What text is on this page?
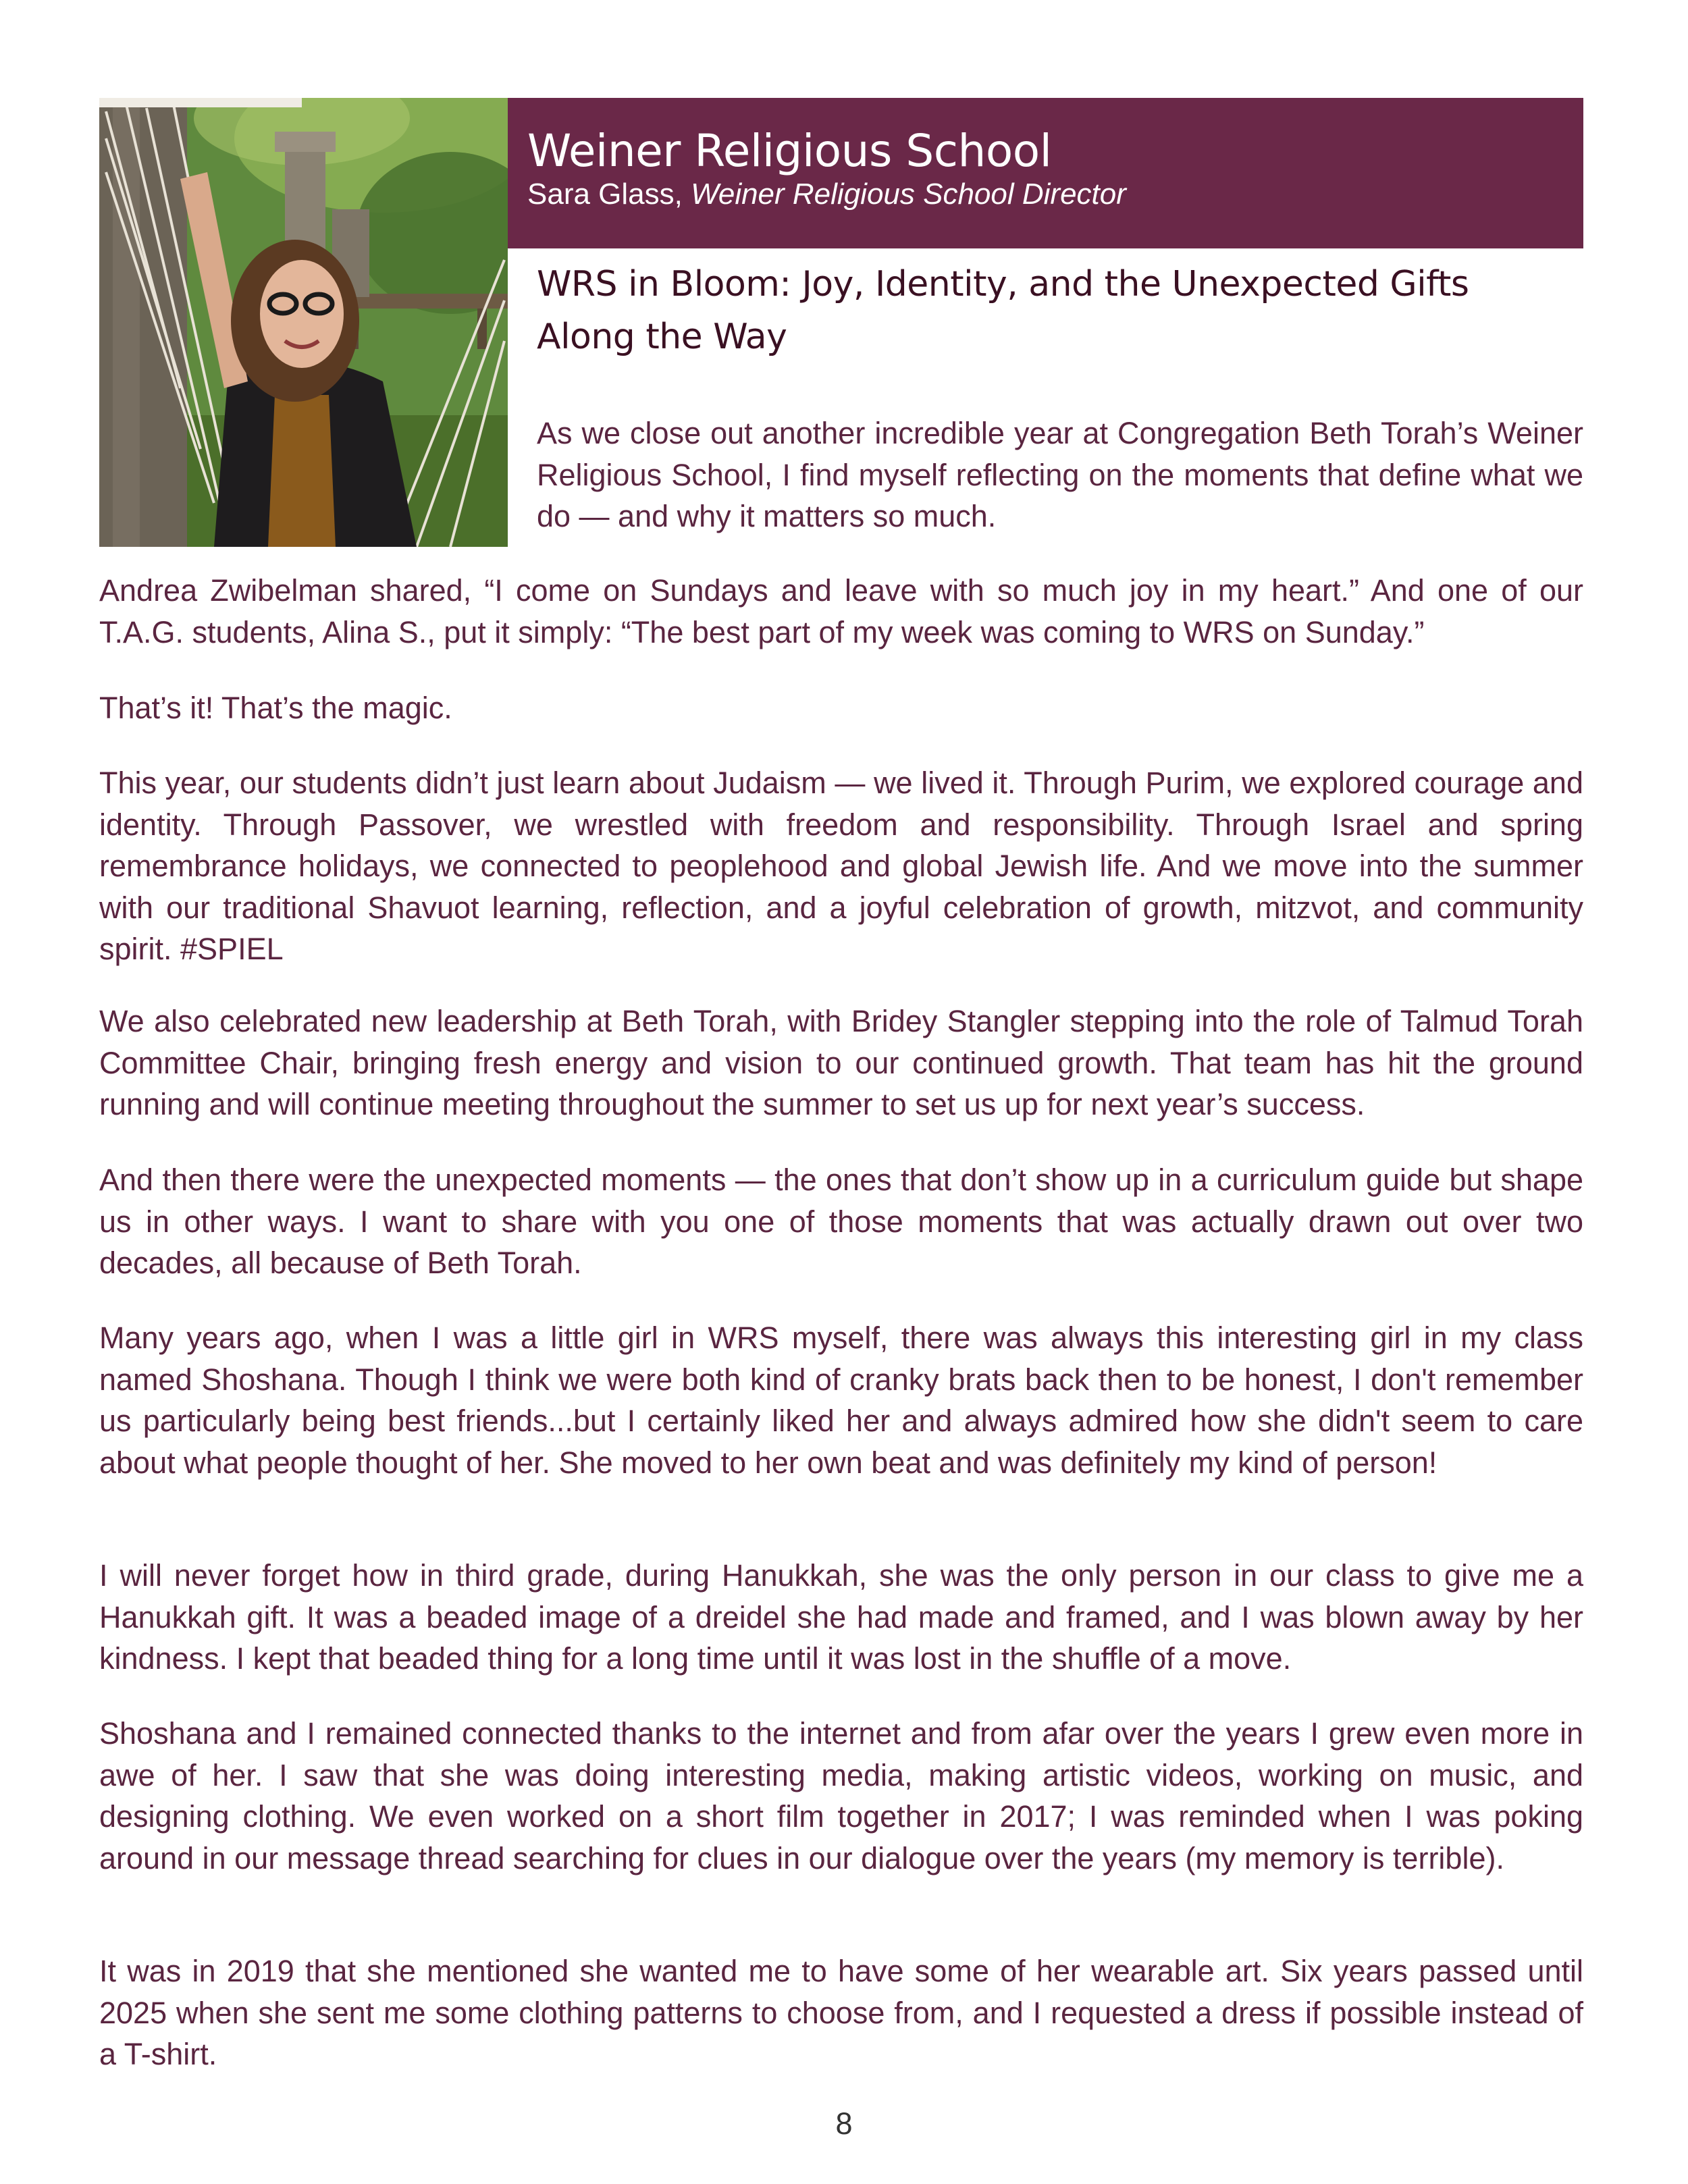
Weiner Religious School
Sara Glass, Weiner Religious School Director
WRS in Bloom: Joy, Identity, and the Unexpected Gifts
Along the Way

As we close out another incredible year at Congregation Beth Torah’s Weiner Religious School, I find myself reflecting on the moments that define what we do — and why it matters so much.

Andrea Zwibelman shared, “I come on Sundays and leave with so much joy in my heart.” And one of our T.A.G. students, Alina S., put it simply: “The best part of my week was coming to WRS on Sunday.”

That’s it! That’s the magic.

This year, our students didn’t just learn about Judaism — we lived it. Through Purim, we explored courage and identity. Through Passover, we wrestled with freedom and responsibility. Through Israel and spring remembrance holidays, we connected to peoplehood and global Jewish life. And we move into the summer with our traditional Shavuot learning, reflection, and a joyful celebration of growth, mitzvot, and community spirit. #SPIEL

We also celebrated new leadership at Beth Torah, with Bridey Stangler stepping into the role of Talmud Torah Committee Chair, bringing fresh energy and vision to our continued growth. That team has hit the ground running and will continue meeting throughout the summer to set us up for next year’s success.

And then there were the unexpected moments — the ones that don’t show up in a curriculum guide but shape us in other ways. I want to share with you one of those moments that was actually drawn out over two decades, all because of Beth Torah.

Many years ago, when I was a little girl in WRS myself, there was always this interesting girl in my class named Shoshana. Though I think we were both kind of cranky brats back then to be honest, I don't remember us particularly being best friends...but I certainly liked her and always admired how she didn't seem to care about what people thought of her. She moved to her own beat and was definitely my kind of person!

I will never forget how in third grade, during Hanukkah, she was the only person in our class to give me a Hanukkah gift. It was a beaded image of a dreidel she had made and framed, and I was blown away by her kindness. I kept that beaded thing for a long time until it was lost in the shuffle of a move.

Shoshana and I remained connected thanks to the internet and from afar over the years I grew even more in awe of her. I saw that she was doing interesting media, making artistic videos, working on music, and designing clothing. We even worked on a short film together in 2017; I was reminded when I was poking around in our message thread searching for clues in our dialogue over the years (my memory is terrible).

It was in 2019 that she mentioned she wanted me to have some of her wearable art. Six years passed until 2025 when she sent me some clothing patterns to choose from, and I requested a dress if possible instead of a T-shirt.

8
